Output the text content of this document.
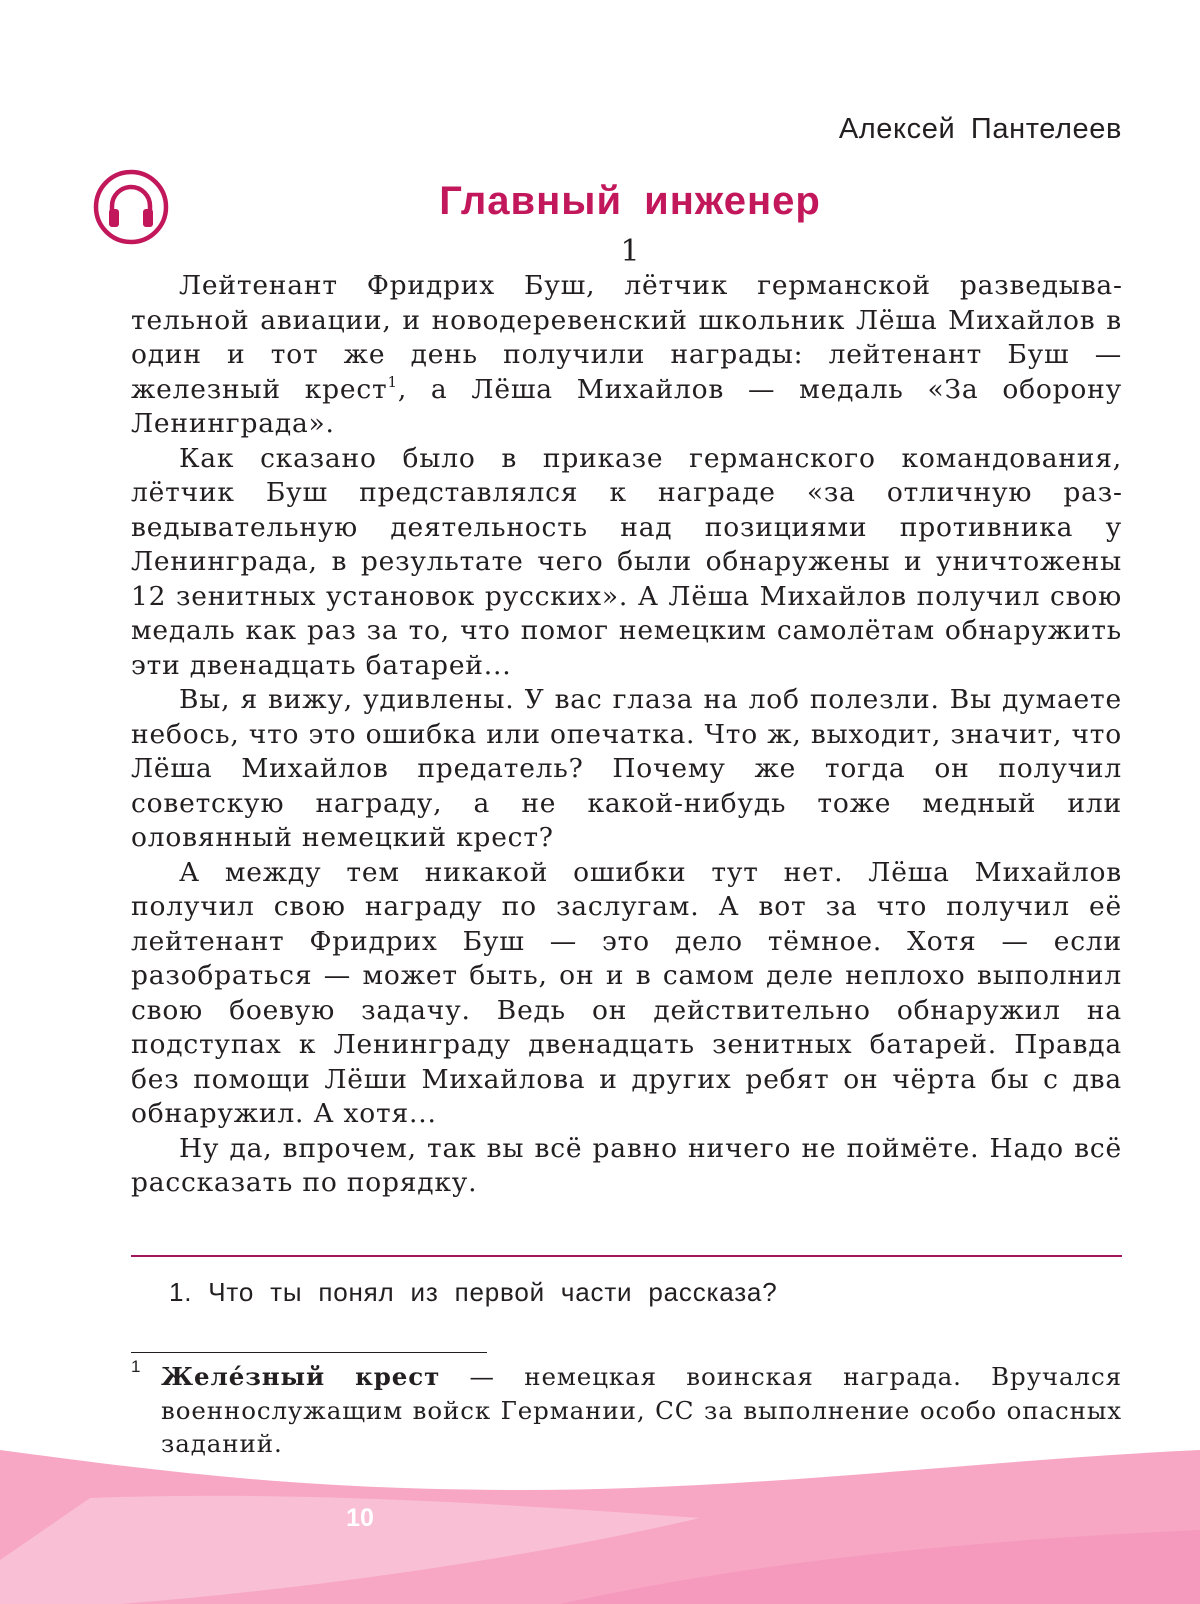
Алексей Пантелеев
Главный инженер
1

Лейтенант Фридрих Буш, лётчик германской разведывательной авиации, и новодеревенский школьник Лёша Михайлов в один и тот же день получили награды: лейтенант Буш — железный крест$^1$, а Лёша Михайлов — медаль «За оборону Ленинграда».

Как сказано было в приказе германского командования, лётчик Буш представлялся к награде «за отличную разведывательную деятельность над позициями противника у Ленинграда, в результате чего были обнаружены и уничтожены 12 зенитных установок русских». А Лёша Михайлов получил свою медаль как раз за то, что помог немецким самолётам обнаружить эти двенадцать батарей...

Вы, я вижу, удивлены. У вас глаза на лоб полезли. Вы думаете небось, что это ошибка или опечатка. Что ж, выходит, значит, что Лёша Михайлов предатель? Почему же тогда он получил советскую награду, а не какой-нибудь тоже медный или оловянный немецкий крест?

А между тем никакой ошибки тут нет. Лёша Михайлов получил свою награду по заслугам. А вот за что получил её лейтенант Фридрих Буш — это дело тёмное. Хотя — если разобраться — может быть, он и в самом деле неплохо выполнил свою боевую задачу. Ведь он действительно обнаружил на подступах к Ленинграду двенадцать зенитных батарей. Правда без помощи Лёши Михайлова и других ребят он чёрта бы с два обнаружил. А хотя...

Ну да, впрочем, так вы всё равно ничего не поймёте. Надо всё рассказать по порядку.

1. Что ты понял из первой части рассказа?
1 Желе́зный крест — немецкая воинская награда. Вручался военнослужащим войск Германии, СС за выполнение особо опасных заданий.
10
